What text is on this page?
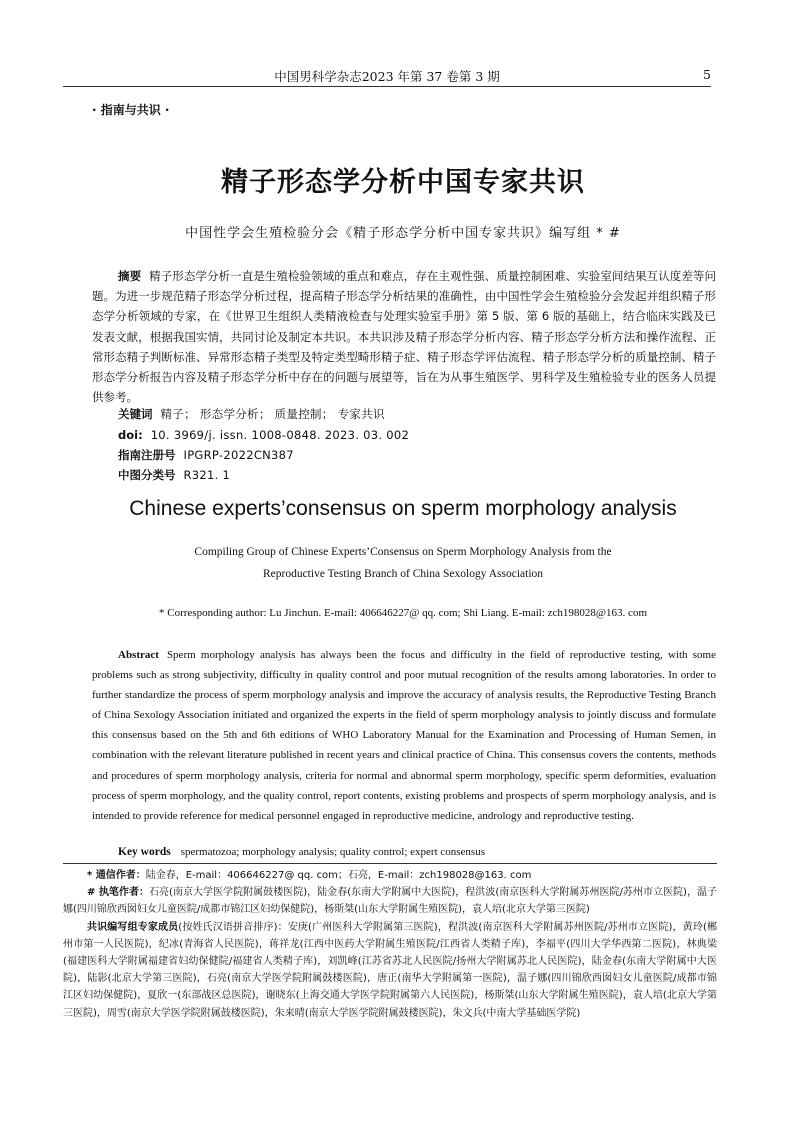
中国男科学杂志2023 年第 37 卷第 3 期	5
· 指南与共识 ·
精子形态学分析中国专家共识
中国性学会生殖检验分会《精子形态学分析中国专家共识》编写组 * #
摘要 精子形态学分析一直是生殖检验领域的重点和难点，存在主观性强、质量控制困难、实验室间结果互认度差等问题。为进一步规范精子形态学分析过程，提高精子形态学分析结果的准确性，由中国性学会生殖检验分会发起并组织精子形态学分析领域的专家，在《世界卫生组织人类精液检查与处理实验室手册》第 5 版、第 6 版的基础上，结合临床实践及已发表文献，根据我国实情，共同讨论及制定本共识。本共识涉及精子形态学分析内容、精子形态学分析方法和操作流程、正常形态精子判断标准、异常形态精子类型及特定类型畸形精子症、精子形态学评估流程、精子形态学分析的质量控制、精子形态学分析报告内容及精子形态学分析中存在的问题与展望等，旨在为从事生殖医学、男科学及生殖检验专业的医务人员提供参考。
关键词 精子； 形态学分析； 质量控制； 专家共识
doi: 10. 3969/j. issn. 1008-0848. 2023. 03. 002
指南注册号 IPGRP-2022CN387
中图分类号 R321. 1
Chinese experts’consensus on sperm morphology analysis
Compiling Group of Chinese Experts’Consensus on Sperm Morphology Analysis from the
Reproductive Testing Branch of China Sexology Association
* Corresponding author: Lu Jinchun. E-mail: 406646227@ qq. com; Shi Liang. E-mail: zch198028@163. com
Abstract Sperm morphology analysis has always been the focus and difficulty in the field of reproductive testing, with some problems such as strong subjectivity, difficulty in quality control and poor mutual recognition of the results among laboratories. In order to further standardize the process of sperm morphology analysis and improve the accuracy of analysis results, the Reproductive Testing Branch of China Sexology Association initiated and organized the experts in the field of sperm morphology analysis to jointly discuss and formulate this consensus based on the 5th and 6th editions of WHO Laboratory Manual for the Examination and Processing of Human Semen, in combination with the relevant literature published in recent years and clinical practice of China. This consensus covers the contents, methods and procedures of sperm morphology analysis, criteria for normal and abnormal sperm morphology, specific sperm deformities, evaluation process of sperm morphology, and the quality control, report contents, existing problems and prospects of sperm morphology analysis, and is intended to provide reference for medical personnel engaged in reproductive medicine, andrology and reproductive testing.
Key words spermatozoa; morphology analysis; quality control; expert consensus
* 通信作者：陆金春，E-mail：406646227@ qq. com；石亮，E-mail：zch198028@163. com
# 执笔作者：石亮(南京大学医学院附属鼓楼医院)，陆金春(东南大学附属中大医院)，程洪波(南京医科大学附属苏州医院/苏州市立医院)，温子娜(四川锦欣西囡妇女儿童医院/成都市锦江区妇幼保健院)，杨斯桀(山东大学附属生殖医院)，袁人培(北京大学第三医院)
共识编写组专家成员(按姓氏汉语拼音排序)：安庚(广州医科大学附属第三医院)，程洪波(南京医科大学附属苏州医院/苏州市立医院)，黄玲(郴州市第一人民医院)，纪冰(青海省人民医院)，蒋祥龙(江西中医药大学附属生殖医院/江西省人类精子库)，李福平(四川大学华西第二医院)，林典梁(福建医科大学附属福建省妇幼保健院/福建省人类精子库)，刘凯峰(江苏省苏北人民医院/扬州大学附属苏北人民医院)，陆金春(东南大学附属中大医院)，陆影(北京大学第三医院)，石亮(南京大学医学院附属鼓楼医院)，唐正(南华大学附属第一医院)，温子娜(四川锦欣西囡妇女儿童医院/成都市锦江区妇幼保健院)，夏欣一(东部战区总医院)，谢晓东(上海交通大学医学院附属第六人民医院)，杨斯桀(山东大学附属生殖医院)，袁人培(北京大学第三医院)，周雪(南京大学医学院附属鼓楼医院)，朱来晴(南京大学医学院附属鼓楼医院)，朱文兵(中南大学基础医学院)
